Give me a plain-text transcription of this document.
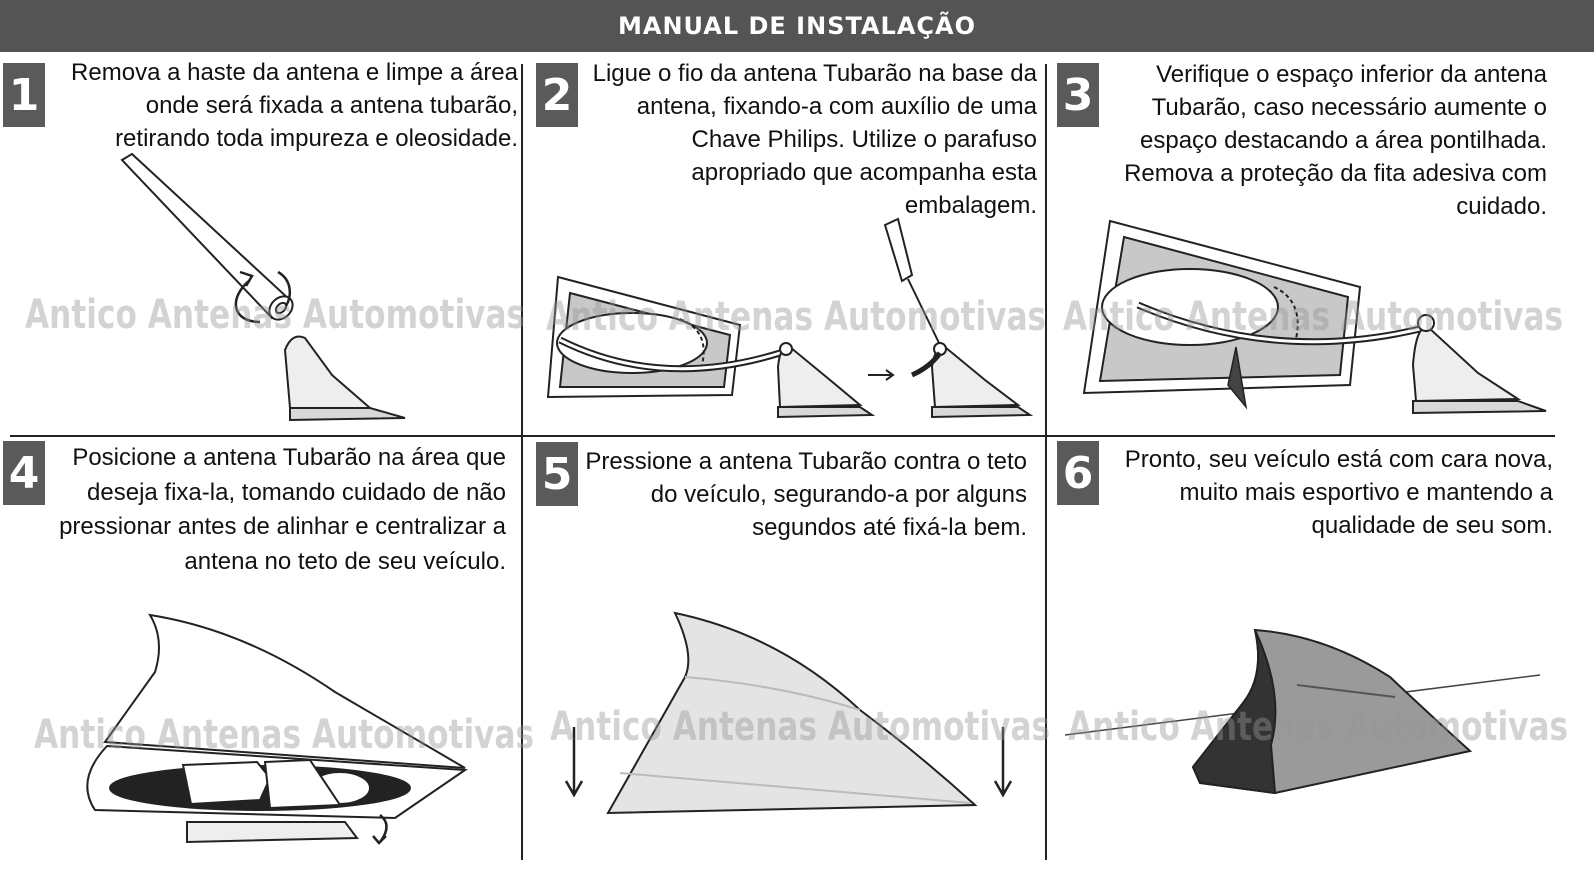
MANUAL DE INSTALAÇÃO
1	Remova a haste da antena e limpe a área onde será fixada a antena tubarão, retirando toda impureza e oleosidade.
Antico Antenas Automotivas
2 Ligue o fio da antena Tubarão na base da antena, fixando-a com auxílio de uma Chave Philips. Utilize o parafuso apropriado que acompanha esta embalagem.
Antico Antenas Automotivas
3	Verifique o espaço inferior da antena Tubarão, caso necessário aumente o espaço destacando a área pontilhada. Remova a proteção da fita adesiva com cuidado.
Antico Antenas Automotivas
4	Posicione a antena Tubarão na área que deseja fixa-la, tomando cuidado de não pressionar antes de alinhar e centralizar a antena no teto de seu veículo.
Antico Antenas Automotivas
5 Pressione a antena Tubarão contra o teto do veículo, segurando-a por alguns segundos até fixá-la bem.
Antico Antenas Automotivas
6	Pronto, seu veículo está com cara nova, muito mais esportivo e mantendo a qualidade de seu som.
Antico Antenas Automotivas
